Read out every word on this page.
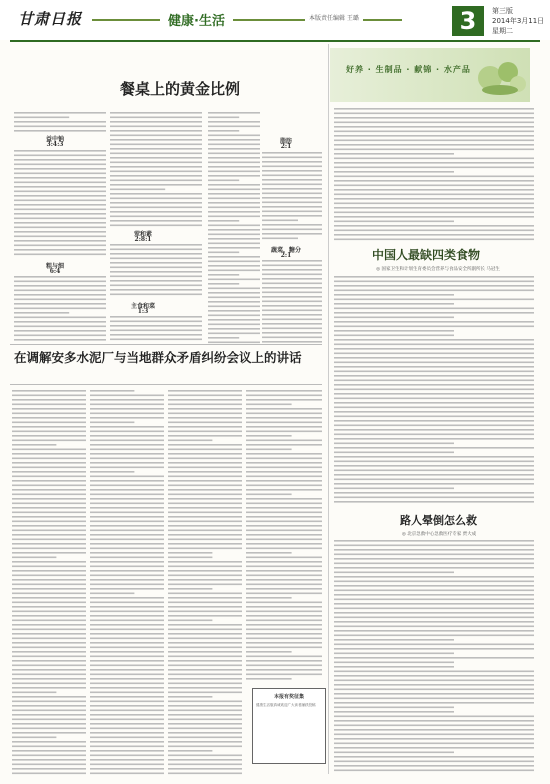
甘肃日报	健康·生活	本版责任编辑 王璐	3	第三版
2014年3月11日
星期二
餐桌上的黄金比例
益中钠
3:4:3
粗与细
6:4
荤和素
2:8:1
主食和菜
1:3
脂肪
2:1
蔬菜、糖分
2:1
好养 · 生制品 · 献锦 · 水产品
中国人最缺四类食物
◎ 国家卫生和计划生育委员会营养与食品安全所副所长 马冠生
在调解安多水泥厂与当地群众矛盾纠纷会议上的讲话
路人晕倒怎么救
◎ 北京急救中心急救医疗专家 贾大成
本报有奖征集
健康生活版真诚欢迎广大读者踊跃投稿
